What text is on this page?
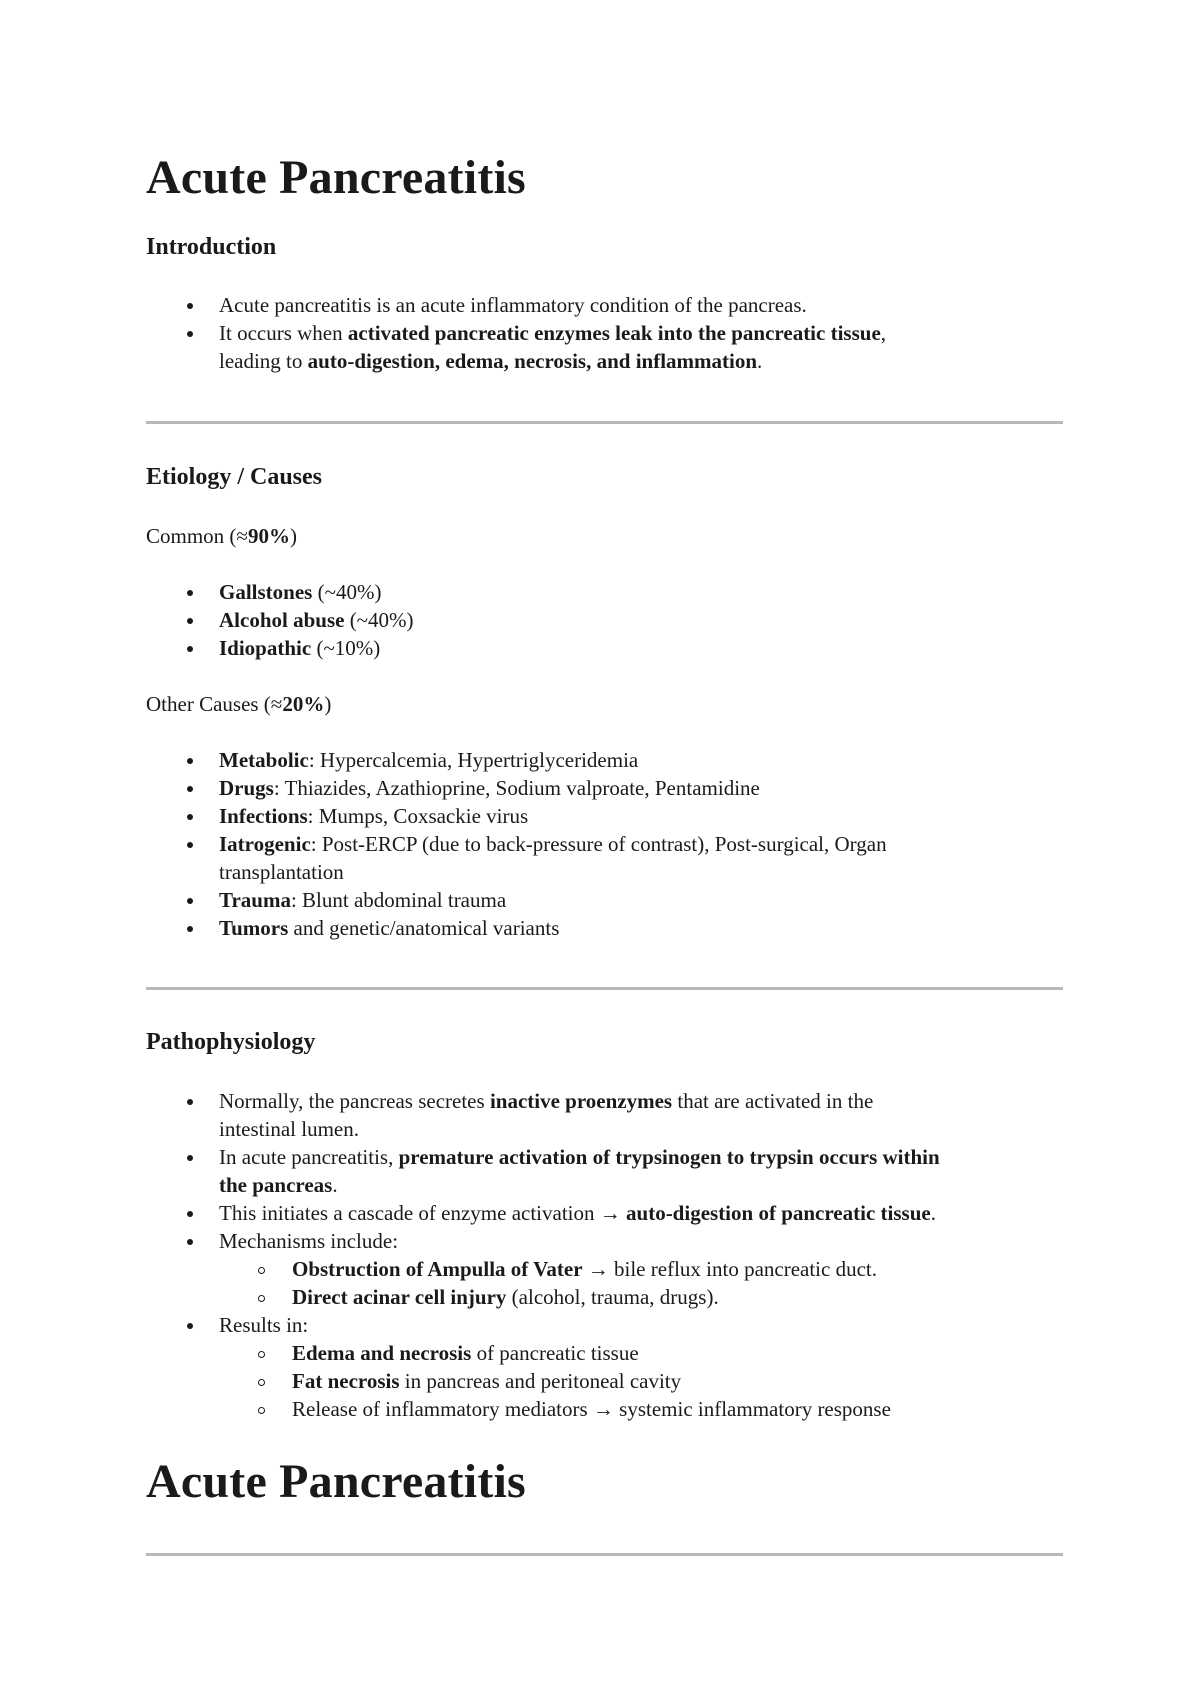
Acute Pancreatitis
Introduction
Acute pancreatitis is an acute inflammatory condition of the pancreas.
It occurs when activated pancreatic enzymes leak into the pancreatic tissue,
leading to auto-digestion, edema, necrosis, and inflammation.
Etiology / Causes

Common (≈90%)

Gallstones (~40%)
Alcohol abuse (~40%)
Idiopathic (~10%)

Other Causes (≈20%)

Metabolic: Hypercalcemia, Hypertriglyceridemia
Drugs: Thiazides, Azathioprine, Sodium valproate, Pentamidine
Infections: Mumps, Coxsackie virus
Iatrogenic: Post-ERCP (due to back-pressure of contrast), Post-surgical, Organ
transplantation
Trauma: Blunt abdominal trauma
Tumors and genetic/anatomical variants
Pathophysiology
Normally, the pancreas secretes inactive proenzymes that are activated in the
intestinal lumen.
In acute pancreatitis, premature activation of trypsinogen to trypsin occurs within
the pancreas.
This initiates a cascade of enzyme activation → auto-digestion of pancreatic tissue.
Mechanisms include:
Obstruction of Ampulla of Vater → bile reflux into pancreatic duct.
Direct acinar cell injury (alcohol, trauma, drugs).
Results in:
Edema and necrosis of pancreatic tissue
Fat necrosis in pancreas and peritoneal cavity
Release of inflammatory mediators → systemic inflammatory response
Acute Pancreatitis
